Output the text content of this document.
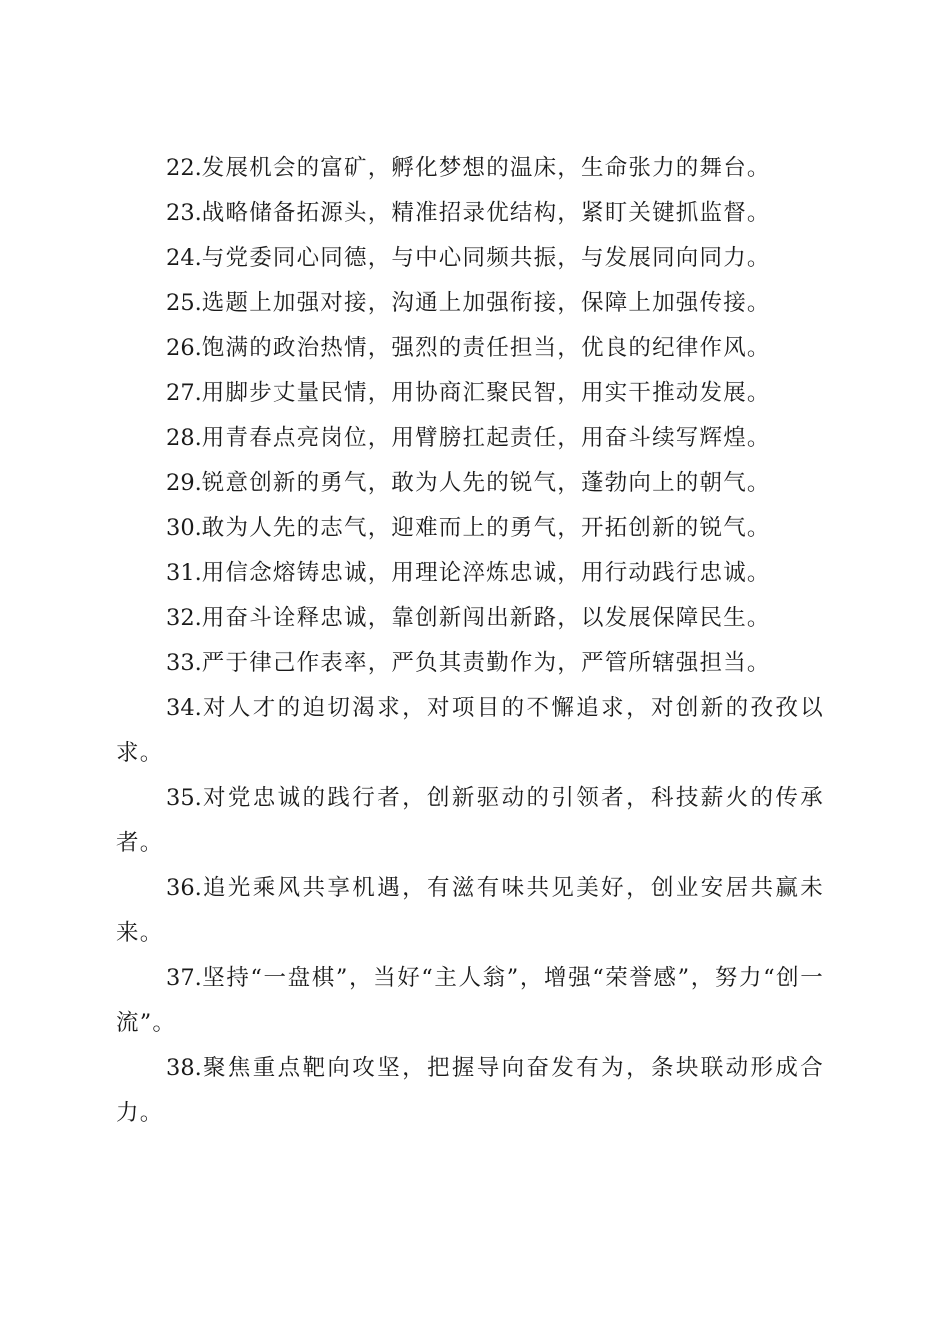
22.发展机会的富矿，孵化梦想的温床，生命张力的舞台。

23.战略储备拓源头，精准招录优结构，紧盯关键抓监督。

24.与党委同心同德，与中心同频共振，与发展同向同力。

25.选题上加强对接，沟通上加强衔接，保障上加强传接。

26.饱满的政治热情，强烈的责任担当，优良的纪律作风。

27.用脚步丈量民情，用协商汇聚民智，用实干推动发展。

28.用青春点亮岗位，用臂膀扛起责任，用奋斗续写辉煌。

29.锐意创新的勇气，敢为人先的锐气，蓬勃向上的朝气。

30.敢为人先的志气，迎难而上的勇气，开拓创新的锐气。

31.用信念熔铸忠诚，用理论淬炼忠诚，用行动践行忠诚。

32.用奋斗诠释忠诚，靠创新闯出新路，以发展保障民生。

33.严于律己作表率，严负其责勤作为，严管所辖强担当。

34.对人才的迫切渴求，对项目的不懈追求，对创新的孜孜以求。

35.对党忠诚的践行者，创新驱动的引领者，科技薪火的传承者。

36.追光乘风共享机遇，有滋有味共见美好，创业安居共赢未来。

37.坚持“一盘棋”，当好“主人翁”，增强“荣誉感”，努力“创一流”。

38.聚焦重点靶向攻坚，把握导向奋发有为，条块联动形成合力。
